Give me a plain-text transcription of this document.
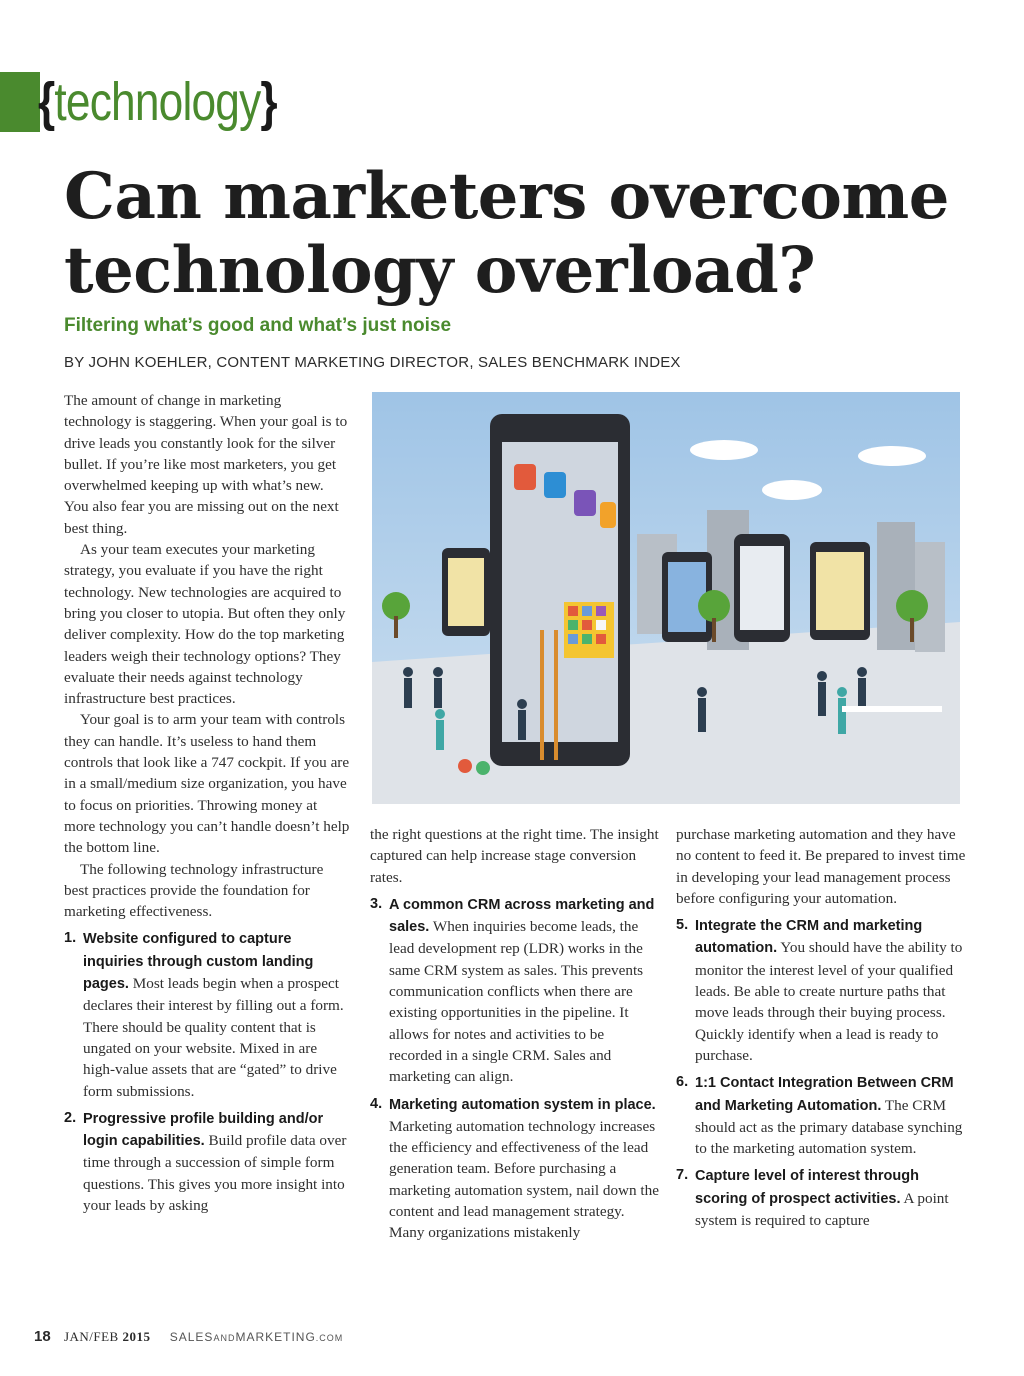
{technology}
Can marketers overcome technology overload?

Filtering what’s good and what’s just noise

BY JOHN KOEHLER, CONTENT MARKETING DIRECTOR, SALES BENCHMARK INDEX

The amount of change in marketing technology is staggering. When your goal is to drive leads you constantly look for the silver bullet. If you’re like most marketers, you get overwhelmed keeping up with what’s new. You also fear you are missing out on the next best thing.

As your team executes your marketing strategy, you evaluate if you have the right technology. New technologies are acquired to bring you closer to utopia. But often they only deliver complexity. How do the top marketing leaders weigh their technology options? They evaluate their needs against technology infrastructure best practices.

Your goal is to arm your team with controls they can handle. It’s useless to hand them controls that look like a 747 cockpit. If you are in a small/medium size organization, you have to focus on priorities. Throwing money at more technology you can’t handle doesn’t help the bottom line.

The following technology infrastructure best practices provide the foundation for marketing effectiveness.

1. Website configured to capture inquiries through custom landing pages. Most leads begin when a prospect declares their interest by filling out a form. There should be quality content that is ungated on your website. Mixed in are high-value assets that are “gated” to drive form submissions.
2. Progressive profile building and/or login capabilities. Build profile data over time through a succession of simple form questions. This gives you more insight into your leads by asking

the right questions at the right time. The insight captured can help increase stage conversion rates.

3. A common CRM across marketing and sales. When inquiries become leads, the lead development rep (LDR) works in the same CRM system as sales. This prevents communication conflicts when there are existing opportunities in the pipeline. It allows for notes and activities to be recorded in a single CRM. Sales and marketing can align.
4. Marketing automation system in place. Marketing automation technology increases the efficiency and effectiveness of the lead generation team. Before purchasing a marketing automation system, nail down the content and lead management strategy. Many organizations mistakenly

purchase marketing automation and they have no content to feed it. Be prepared to invest time in developing your lead management process before configuring your automation.

5. Integrate the CRM and marketing automation. You should have the ability to monitor the interest level of your qualified leads. Be able to create nurture paths that move leads through their buying process. Quickly identify when a lead is ready to purchase.
6. 1:1 Contact Integration Between CRM and Marketing Automation. The CRM should act as the primary database synching to the marketing automation system.
7. Capture level of interest through scoring of prospect activities. A point system is required to capture
18 JAN/FEB 2015 SALESANDMARKETING.COM
